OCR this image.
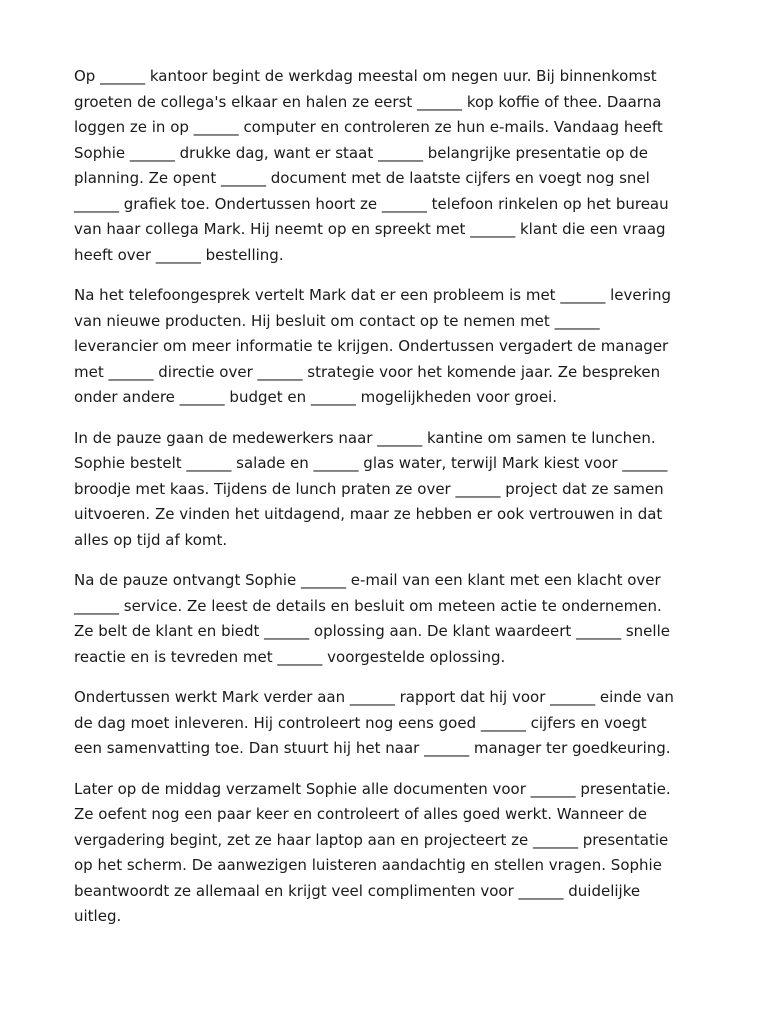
Op ______ kantoor begint de werkdag meestal om negen uur. Bij binnenkomst
groeten de collega's elkaar en halen ze eerst ______ kop koffie of thee. Daarna
loggen ze in op ______ computer en controleren ze hun e-mails. Vandaag heeft
Sophie ______ drukke dag, want er staat ______ belangrijke presentatie op de
planning. Ze opent ______ document met de laatste cijfers en voegt nog snel
______ grafiek toe. Ondertussen hoort ze ______ telefoon rinkelen op het bureau
van haar collega Mark. Hij neemt op en spreekt met ______ klant die een vraag
heeft over ______ bestelling.

Na het telefoongesprek vertelt Mark dat er een probleem is met ______ levering
van nieuwe producten. Hij besluit om contact op te nemen met ______
leverancier om meer informatie te krijgen. Ondertussen vergadert de manager
met ______ directie over ______ strategie voor het komende jaar. Ze bespreken
onder andere ______ budget en ______ mogelijkheden voor groei.

In de pauze gaan de medewerkers naar ______ kantine om samen te lunchen.
Sophie bestelt ______ salade en ______ glas water, terwijl Mark kiest voor ______
broodje met kaas. Tijdens de lunch praten ze over ______ project dat ze samen
uitvoeren. Ze vinden het uitdagend, maar ze hebben er ook vertrouwen in dat
alles op tijd af komt.

Na de pauze ontvangt Sophie ______ e-mail van een klant met een klacht over
______ service. Ze leest de details en besluit om meteen actie te ondernemen.
Ze belt de klant en biedt ______ oplossing aan. De klant waardeert ______ snelle
reactie en is tevreden met ______ voorgestelde oplossing.

Ondertussen werkt Mark verder aan ______ rapport dat hij voor ______ einde van
de dag moet inleveren. Hij controleert nog eens goed ______ cijfers en voegt
een samenvatting toe. Dan stuurt hij het naar ______ manager ter goedkeuring.

Later op de middag verzamelt Sophie alle documenten voor ______ presentatie.
Ze oefent nog een paar keer en controleert of alles goed werkt. Wanneer de
vergadering begint, zet ze haar laptop aan en projecteert ze ______ presentatie
op het scherm. De aanwezigen luisteren aandachtig en stellen vragen. Sophie
beantwoordt ze allemaal en krijgt veel complimenten voor ______ duidelijke
uitleg.
